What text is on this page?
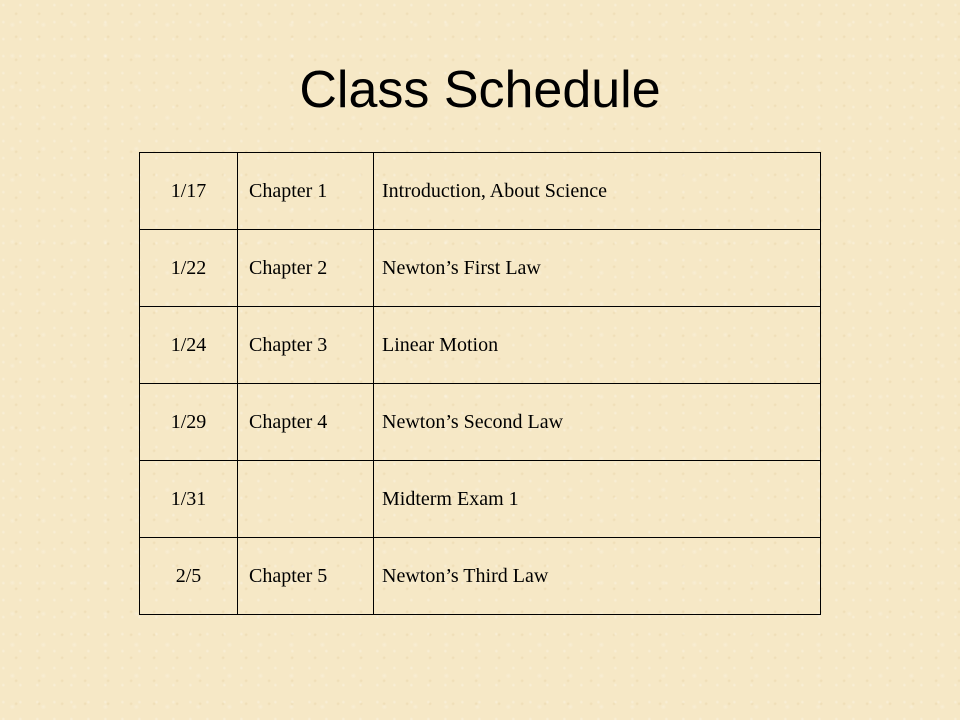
Class Schedule
1/17	Chapter 1	Introduction, About Science
1/22	Chapter 2	Newton’s First Law
1/24	Chapter 3	Linear Motion
1/29	Chapter 4	Newton’s Second Law
1/31		Midterm Exam 1
2/5	Chapter 5	Newton’s Third Law
